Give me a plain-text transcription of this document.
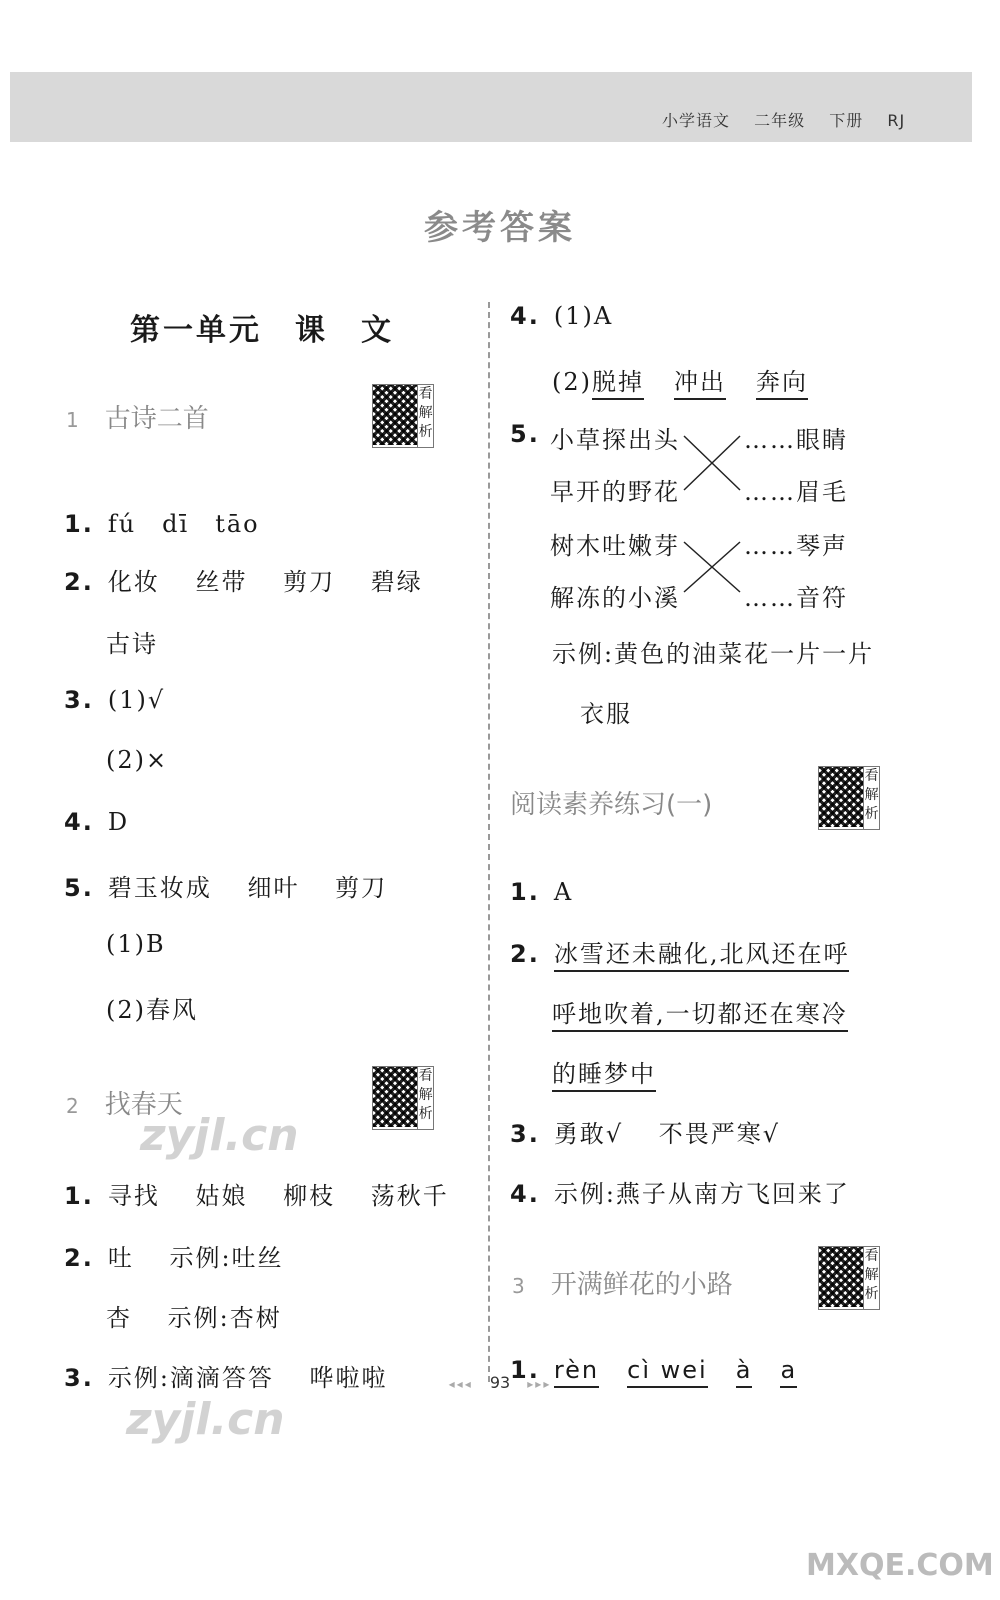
小学语文 二年级 下册 RJ
参考答案
第一单元　课　文
1 古诗二首
看
解
析
1. fú　dī　tāo
2. 化妆　 丝带　 剪刀　 碧绿
古诗
3. (1)√
(2)×
4. D
5. 碧玉妆成　 细叶　 剪刀
(1)B
(2)春风
2 找春天
看
解
析
zyjl.cn
1. 寻找　 姑娘　 柳枝　 荡秋千
2. 吐　 示例:吐丝
杏　 示例:杏树
3. 示例:滴滴答答　 哗啦啦
zyjl.cn
4. (1)A
(2)脱掉 冲出 奔向
5. 小草探出头
早开的野花
树木吐嫩芽
解冻的小溪
……眼睛
……眉毛
……琴声
……音符
示例:黄色的油菜花一片一片
衣服
阅读素养练习(一)
看
解
析
1. A
2. 冰雪还未融化,北风还在呼
呼地吹着,一切都还在寒冷
的睡梦中
3. 勇敢√　 不畏严寒√
4. 示例:燕子从南方飞回来了
3 开满鲜花的小路
看
解
析
1. rèn cì wei à a
◂◂◂ 93 ▸▸▸
MXQE.COM
